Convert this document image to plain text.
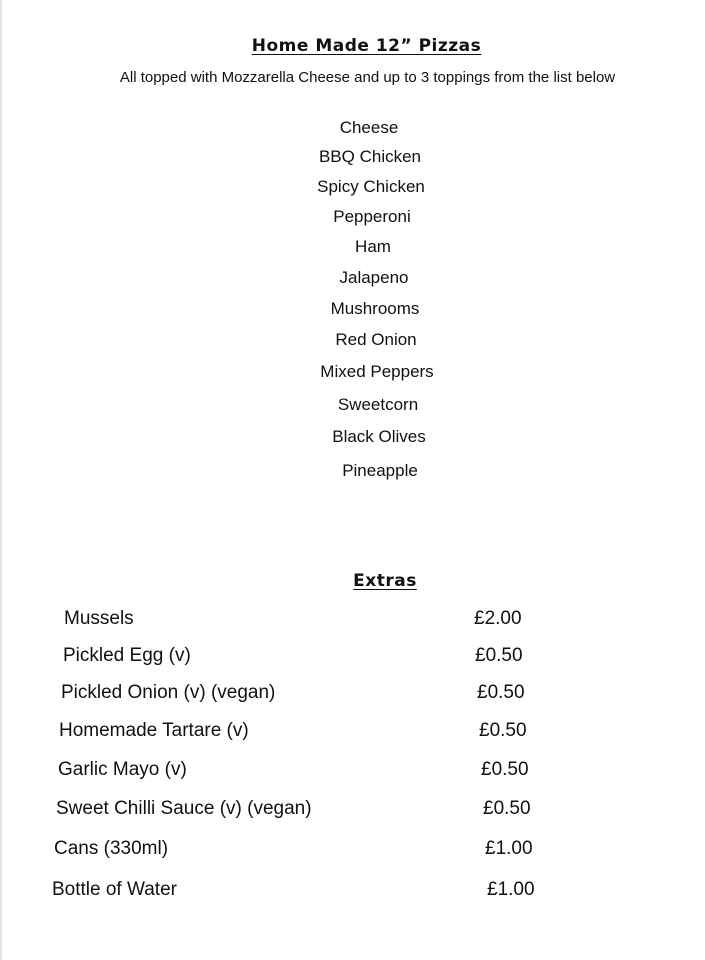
Home Made 12” Pizzas
All topped with Mozzarella Cheese and up to 3 toppings from the list below
Cheese
BBQ Chicken
Spicy Chicken
Pepperoni
Ham
Jalapeno
Mushrooms
Red Onion
Mixed Peppers
Sweetcorn
Black Olives
Pineapple
Extras
Mussels	£2.00
Pickled Egg (v)	£0.50
Pickled Onion (v) (vegan)	£0.50
Homemade Tartare (v)	£0.50
Garlic Mayo (v)	£0.50
Sweet Chilli Sauce (v) (vegan)	£0.50
Cans (330ml)	£1.00
Bottle of Water	£1.00
